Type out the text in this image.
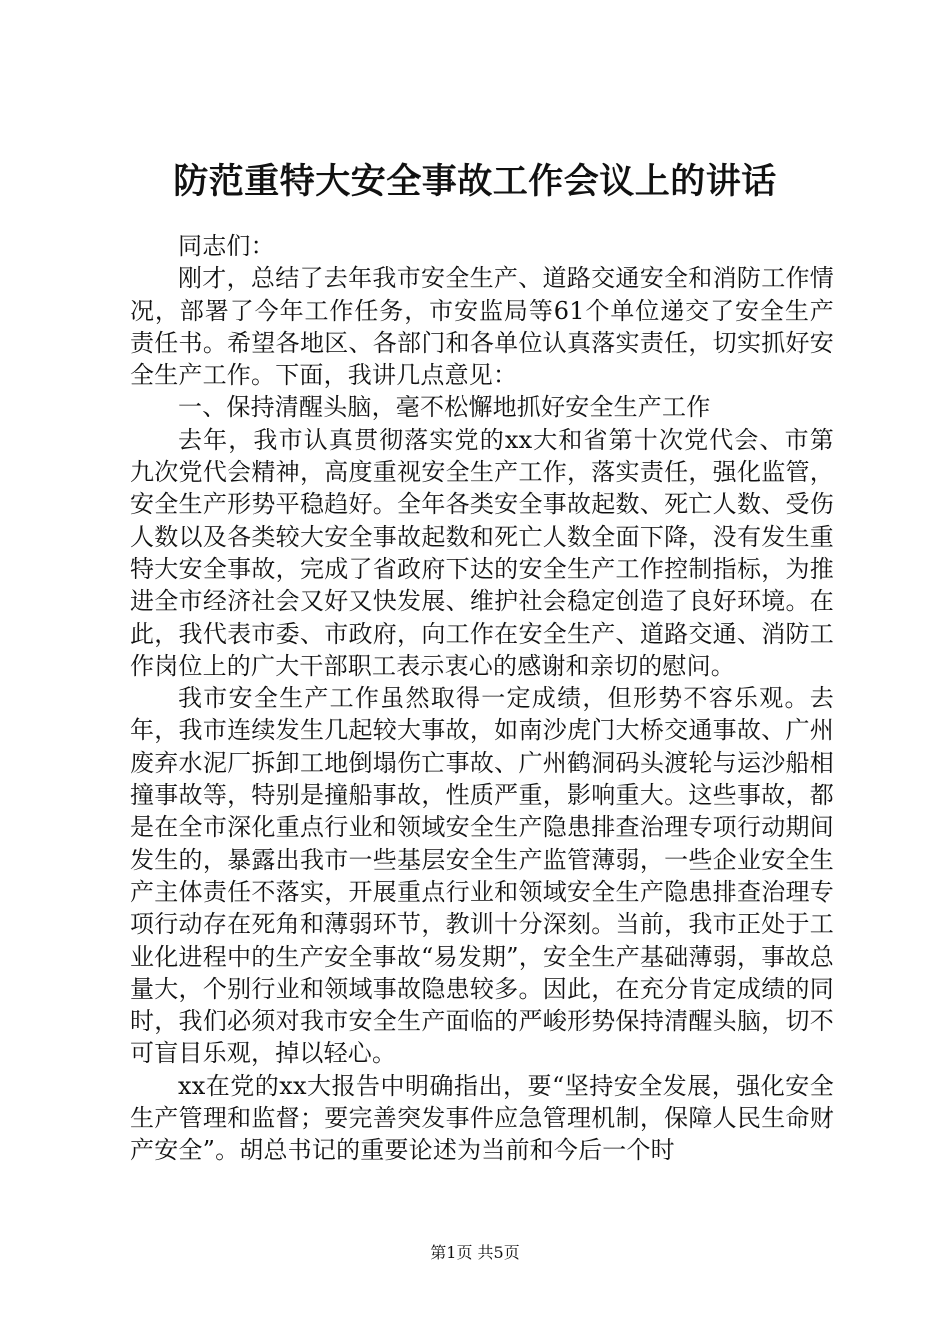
防范重特大安全事故工作会议上的讲话

同志们：

刚才，总结了去年我市安全生产、道路交通安全和消防工作情况，部署了今年工作任务，市安监局等61个单位递交了安全生产责任书。希望各地区、各部门和各单位认真落实责任，切实抓好安全生产工作。下面，我讲几点意见：

一、保持清醒头脑，毫不松懈地抓好安全生产工作

去年，我市认真贯彻落实党的xx大和省第十次党代会、市第九次党代会精神，高度重视安全生产工作，落实责任，强化监管，安全生产形势平稳趋好。全年各类安全事故起数、死亡人数、受伤人数以及各类较大安全事故起数和死亡人数全面下降，没有发生重特大安全事故，完成了省政府下达的安全生产工作控制指标，为推进全市经济社会又好又快发展、维护社会稳定创造了良好环境。在此，我代表市委、市政府，向工作在安全生产、道路交通、消防工作岗位上的广大干部职工表示衷心的感谢和亲切的慰问。

我市安全生产工作虽然取得一定成绩，但形势不容乐观。去年，我市连续发生几起较大事故，如南沙虎门大桥交通事故、广州废弃水泥厂拆卸工地倒塌伤亡事故、广州鹤洞码头渡轮与运沙船相撞事故等，特别是撞船事故，性质严重，影响重大。这些事故，都是在全市深化重点行业和领域安全生产隐患排查治理专项行动期间发生的，暴露出我市一些基层安全生产监管薄弱，一些企业安全生产主体责任不落实，开展重点行业和领域安全生产隐患排查治理专项行动存在死角和薄弱环节，教训十分深刻。当前，我市正处于工业化进程中的生产安全事故“易发期”，安全生产基础薄弱，事故总量大，个别行业和领域事故隐患较多。因此，在充分肯定成绩的同时，我们必须对我市安全生产面临的严峻形势保持清醒头脑，切不可盲目乐观，掉以轻心。

xx在党的xx大报告中明确指出，要“坚持安全发展，强化安全生产管理和监督；要完善突发事件应急管理机制，保障人民生命财产安全”。胡总书记的重要论述为当前和今后一个时

第1页 共5页
